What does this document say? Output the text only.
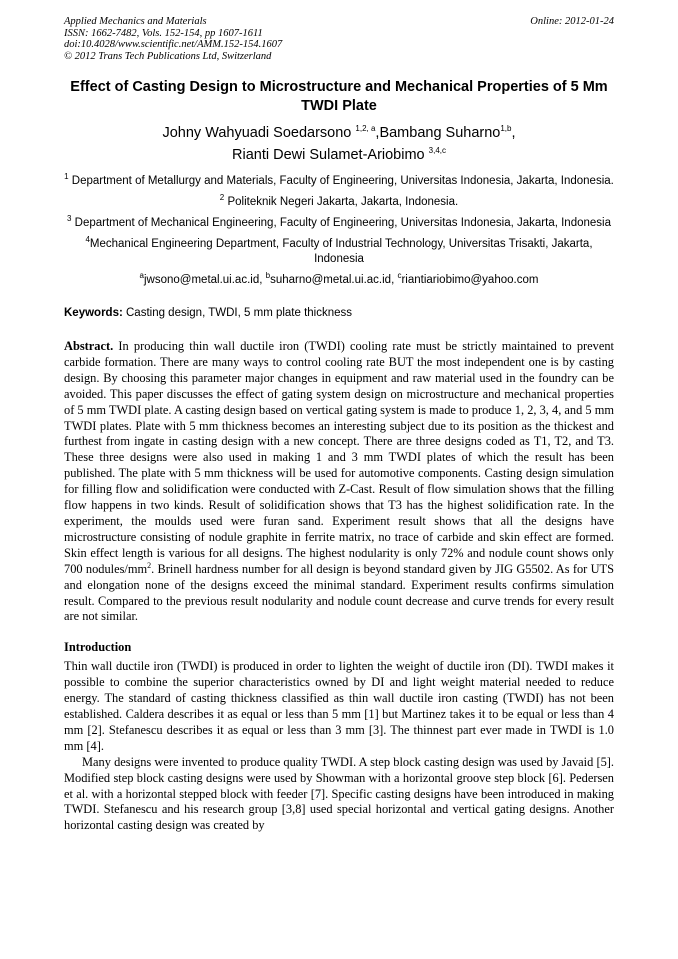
Applied Mechanics and Materials
ISSN: 1662-7482, Vols. 152-154, pp 1607-1611
doi:10.4028/www.scientific.net/AMM.152-154.1607
© 2012 Trans Tech Publications Ltd, Switzerland
Online: 2012-01-24
Effect of Casting Design to Microstructure and Mechanical Properties of 5 Mm TWDI Plate
Johny Wahyuadi Soedarsono $^{1,2, a}$,Bambang Suharno$^{1,b}$,
Rianti Dewi Sulamet-Ariobimo $^{3,4,c}$
$^1$ Department of Metallurgy and Materials, Faculty of Engineering, Universitas Indonesia, Jakarta, Indonesia.
$^2$ Politeknik Negeri Jakarta, Jakarta, Indonesia.
$^3$ Department of Mechanical Engineering, Faculty of Engineering, Universitas Indonesia, Jakarta, Indonesia
$^4$Mechanical Engineering Department, Faculty of Industrial Technology, Universitas Trisakti, Jakarta, Indonesia
$^a$jwsono@metal.ui.ac.id, $^b$suharno@metal.ui.ac.id, $^c$riantiariobimo@yahoo.com
Keywords: Casting design, TWDI, 5 mm plate thickness
Abstract. In producing thin wall ductile iron (TWDI) cooling rate must be strictly maintained to prevent carbide formation. There are many ways to control cooling rate BUT the most independent one is by casting design. By choosing this parameter major changes in equipment and raw material used in the foundry can be avoided. This paper discusses the effect of gating system design on microstructure and mechanical properties of 5 mm TWDI plate. A casting design based on vertical gating system is made to produce 1, 2, 3, 4, and 5 mm TWDI plates. Plate with 5 mm thickness becomes an interesting subject due to its position as the thickest and furthest from ingate in casting design with a new concept. There are three designs coded as T1, T2, and T3. These three designs were also used in making 1 and 3 mm TWDI plates of which the result has been published. The plate with 5 mm thickness will be used for automotive components. Casting design simulation for filling flow and solidification were conducted with Z-Cast. Result of flow simulation shows that the filling flow happens in two kinds. Result of solidification shows that T3 has the highest solidification rate. In the experiment, the moulds used were furan sand. Experiment result shows that all the designs have microstructure consisting of nodule graphite in ferrite matrix, no trace of carbide and skin effect are formed. Skin effect length is various for all designs. The highest nodularity is only 72% and nodule count shows only 700 nodules/$mm^2$. Brinell hardness number for all design is beyond standard given by JIG G5502. As for UTS and elongation none of the designs exceed the minimal standard. Experiment results confirms simulation result. Compared to the previous result nodularity and nodule count decrease and curve trends for every result are not similar.
Introduction
Thin wall ductile iron (TWDI) is produced in order to lighten the weight of ductile iron (DI). TWDI makes it possible to combine the superior characteristics owned by DI and light weight material needed to reduce energy. The standard of casting thickness classified as thin wall ductile iron casting (TWDI) has not been established. Caldera describes it as equal or less than 5 mm [1] but Martinez takes it to be equal or less than 4 mm [2]. Stefanescu describes it as equal or less than 3 mm [3]. The thinnest part ever made in TWDI is 1.0 mm [4].
Many designs were invented to produce quality TWDI. A step block casting design was used by Javaid [5]. Modified step block casting designs were used by Showman with a horizontal groove step block [6]. Pedersen et al. with a horizontal stepped block with feeder [7]. Specific casting designs have been introduced in making TWDI. Stefanescu and his research group [3,8] used special horizontal and vertical gating designs. Another horizontal casting design was created by
